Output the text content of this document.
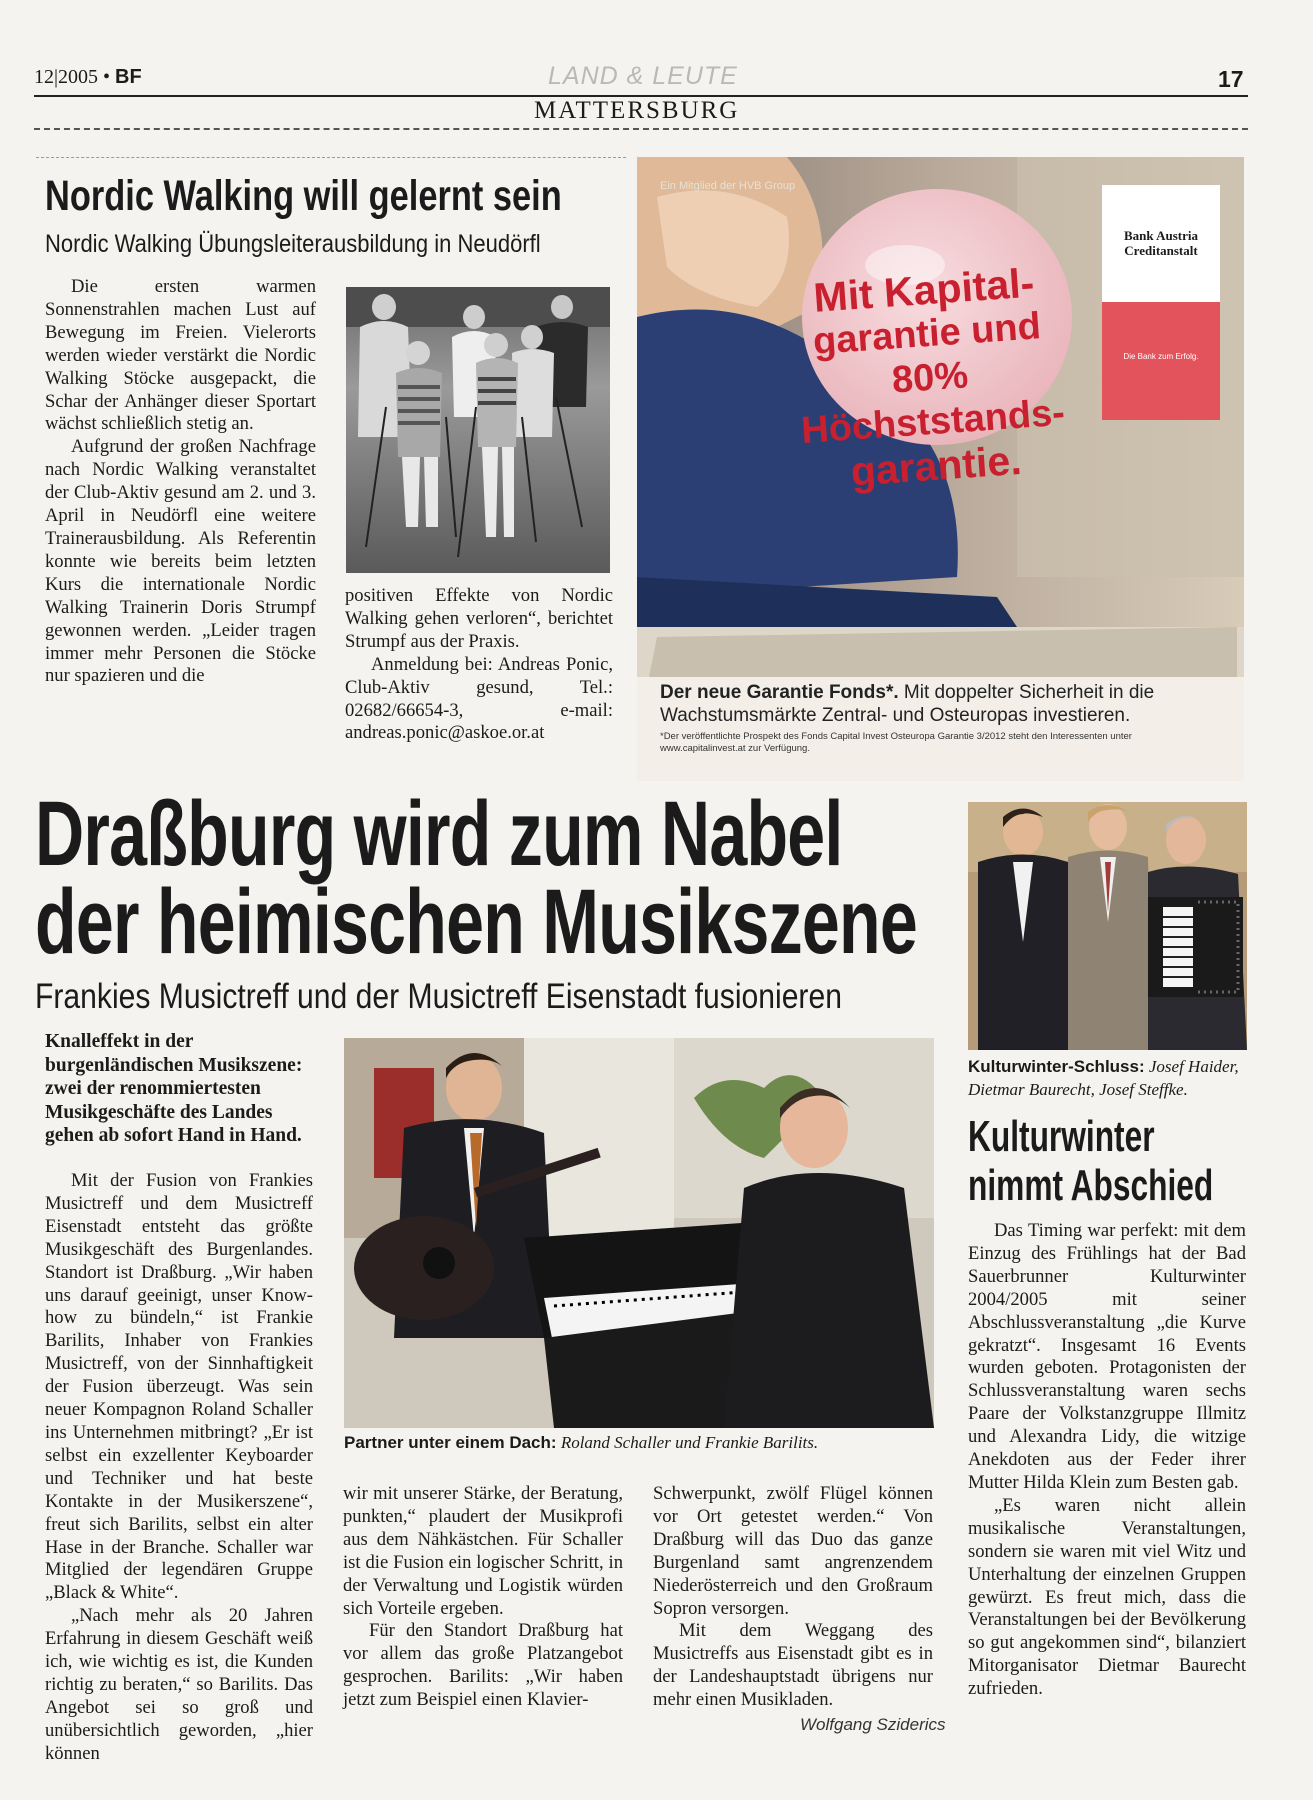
12|2005 • BF	LAND & LEUTE	17
MATTERSBURG
Nordic Walking will gelernt sein
Nordic Walking Übungsleiterausbildung in Neudörfl

Die ersten warmen Sonnenstrahlen machen Lust auf Bewegung im Freien. Vielerorts werden wieder verstärkt die Nordic Walking Stöcke ausgepackt, die Schar der Anhänger dieser Sportart wächst schließlich stetig an.

Aufgrund der großen Nachfrage nach Nordic Walking veranstaltet der Club-Aktiv gesund am 2. und 3. April in Neudörfl eine weitere Trainerausbildung. Als Referentin konnte wie bereits beim letzten Kurs die internationale Nordic Walking Trainerin Doris Strumpf gewonnen werden. „Leider tragen immer mehr Personen die Stöcke nur spazieren und die

positiven Effekte von Nordic Walking gehen verloren“, berichtet Strumpf aus der Praxis.

Anmeldung bei: Andreas Ponic, Club-Aktiv gesund, Tel.: 02682/66654-3, e-mail: andreas.ponic@askoe.or.at

Ein Mitglied der HVB Group
Mit Kapital-
garantie und 80%
Höchststands-
garantie.
Bank Austria
Creditanstalt
Die Bank zum Erfolg.
Der neue Garantie Fonds*. Mit doppelter Sicherheit in die Wachstumsmärkte Zentral- und Osteuropas investieren.
*Der veröffentlichte Prospekt des Fonds Capital Invest Osteuropa Garantie 3/2012 steht den Interessenten unter www.capitalinvest.at zur Verfügung.
Draßburg wird zum Nabel
der heimischen Musikszene
Frankies Musictreff und der Musictreff Eisenstadt fusionieren
Knalleffekt in der burgenländischen Musikszene: zwei der renommiertesten Musikgeschäfte des Landes gehen ab sofort Hand in Hand.

Mit der Fusion von Frankies Musictreff und dem Musictreff Eisenstadt entsteht das größte Musikgeschäft des Burgenlandes. Standort ist Draßburg. „Wir haben uns darauf geeinigt, unser Know-how zu bündeln,“ ist Frankie Barilits, Inhaber von Frankies Musictreff, von der Sinnhaftigkeit der Fusion überzeugt. Was sein neuer Kompagnon Roland Schaller ins Unternehmen mitbringt? „Er ist selbst ein exzellenter Keyboarder und Techniker und hat beste Kontakte in der Musikerszene“, freut sich Barilits, selbst ein alter Hase in der Branche. Schaller war Mitglied der legendären Gruppe „Black & White“.

„Nach mehr als 20 Jahren Erfahrung in diesem Geschäft weiß ich, wie wichtig es ist, die Kunden richtig zu beraten,“ so Barilits. Das Angebot sei so groß und unübersichtlich geworden, „hier können

Partner unter einem Dach: Roland Schaller und Frankie Barilits.

wir mit unserer Stärke, der Beratung, punkten,“ plaudert der Musikprofi aus dem Nähkästchen. Für Schaller ist die Fusion ein logischer Schritt, in der Verwaltung und Logistik würden sich Vorteile ergeben.

Für den Standort Draßburg hat vor allem das große Platzangebot gesprochen. Barilits: „Wir haben jetzt zum Beispiel einen Klavier-

Schwerpunkt, zwölf Flügel können vor Ort getestet werden.“ Von Draßburg will das Duo das ganze Burgenland samt angrenzendem Niederösterreich und den Großraum Sopron versorgen.

Mit dem Weggang des Musictreffs aus Eisenstadt gibt es in der Landeshauptstadt übrigens nur mehr einen Musikladen.

Wolfgang Sziderics
Kulturwinter-Schluss: Josef Haider, Dietmar Baurecht, Josef Steffke.
Kulturwinter
nimmt Abschied

Das Timing war perfekt: mit dem Einzug des Frühlings hat der Bad Sauerbrunner Kulturwinter 2004/2005 mit seiner Abschlussveranstaltung „die Kurve gekratzt“. Insgesamt 16 Events wurden geboten. Protagonisten der Schlussveranstaltung waren sechs Paare der Volkstanzgruppe Illmitz und Alexandra Lidy, die witzige Anekdoten aus der Feder ihrer Mutter Hilda Klein zum Besten gab.

„Es waren nicht allein musikalische Veranstaltungen, sondern sie waren mit viel Witz und Unterhaltung der einzelnen Gruppen gewürzt. Es freut mich, dass die Veranstaltungen bei der Bevölkerung so gut angekommen sind“, bilanziert Mitorganisator Dietmar Baurecht zufrieden.
